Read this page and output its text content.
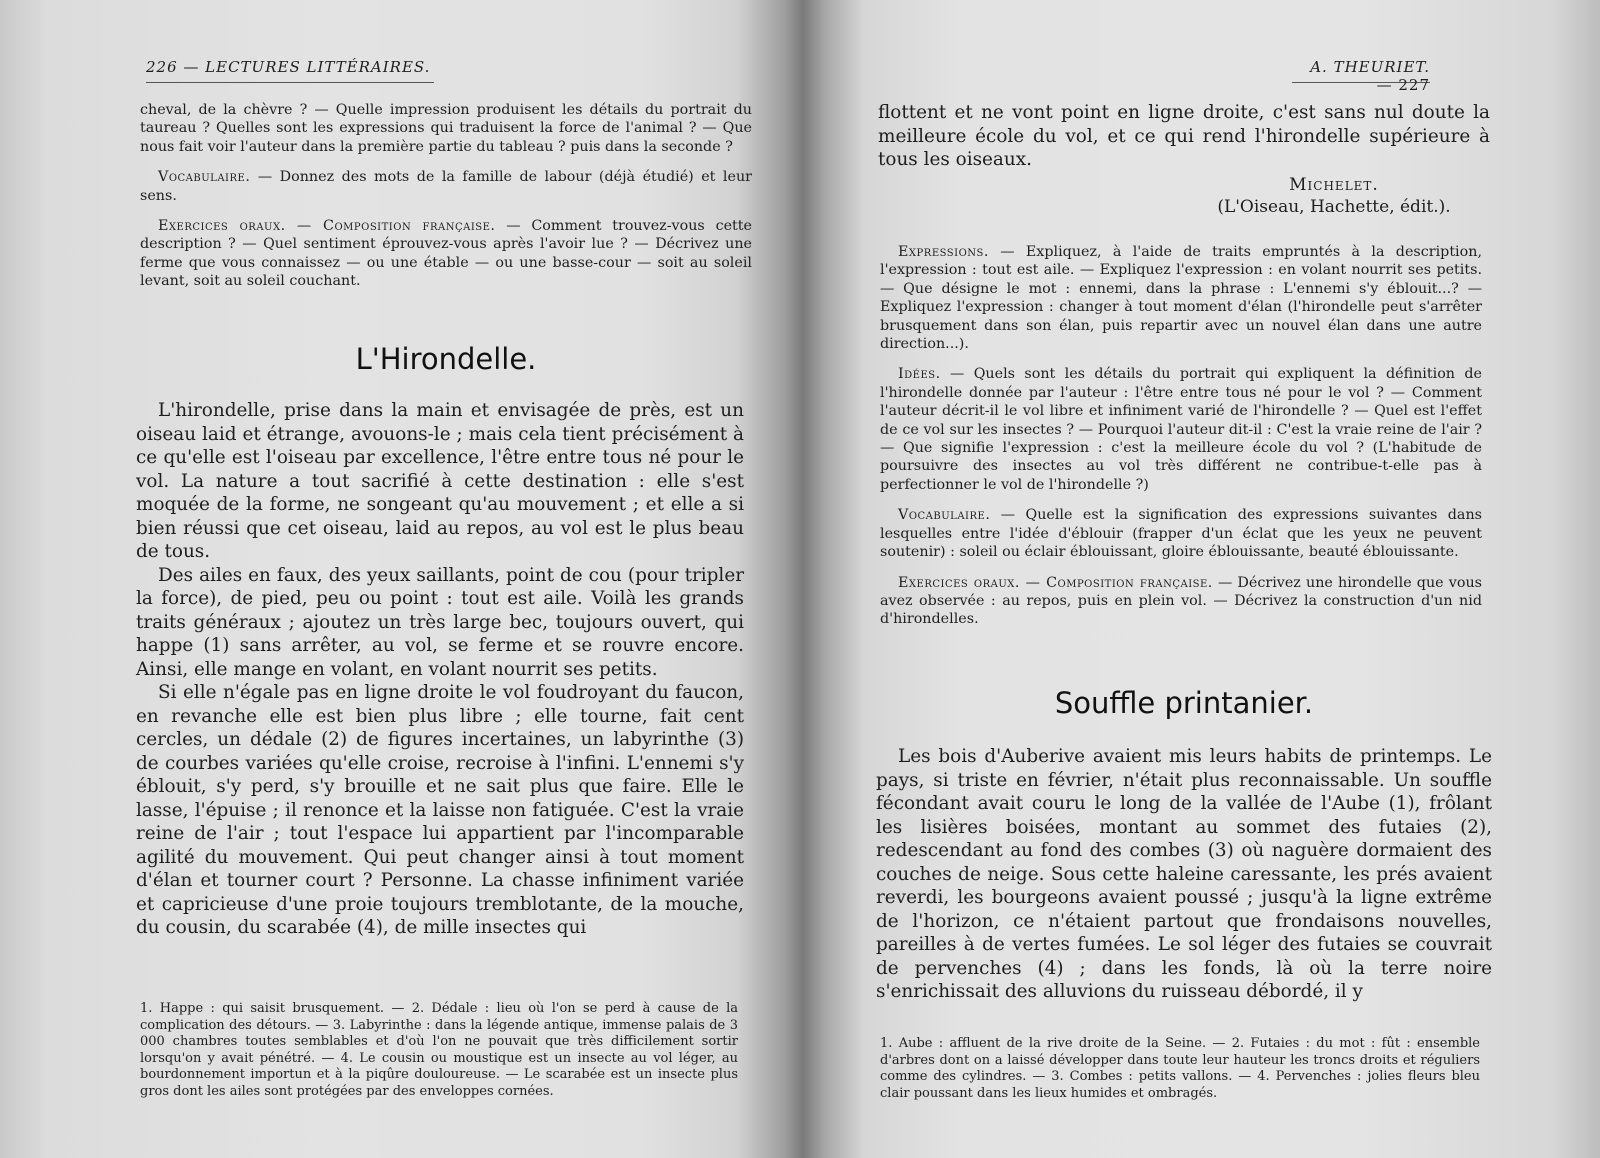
226 — LECTURES LITTÉRAIRES.

cheval, de la chèvre ? — Quelle impression produisent les détails du portrait du taureau ? Quelles sont les expressions qui traduisent la force de l'animal ? — Que nous fait voir l'auteur dans la première partie du tableau ? puis dans la seconde ?

Vocabulaire. — Donnez des mots de la famille de labour (déjà étudié) et leur sens.

Exercices oraux. — Composition française. — Comment trouvez-vous cette description ? — Quel sentiment éprouvez-vous après l'avoir lue ? — Décrivez une ferme que vous connaissez — ou une étable — ou une basse-cour — soit au soleil levant, soit au soleil couchant.

L'Hirondelle.

L'hirondelle, prise dans la main et envisagée de près, est un oiseau laid et étrange, avouons-le ; mais cela tient précisément à ce qu'elle est l'oiseau par excellence, l'être entre tous né pour le vol. La nature a tout sacrifié à cette destination : elle s'est moquée de la forme, ne songeant qu'au mouvement ; et elle a si bien réussi que cet oiseau, laid au repos, au vol est le plus beau de tous.

Des ailes en faux, des yeux saillants, point de cou (pour tripler la force), de pied, peu ou point : tout est aile. Voilà les grands traits généraux ; ajoutez un très large bec, toujours ouvert, qui happe (1) sans arrêter, au vol, se ferme et se rouvre encore. Ainsi, elle mange en volant, en volant nourrit ses petits.

Si elle n'égale pas en ligne droite le vol foudroyant du faucon, en revanche elle est bien plus libre ; elle tourne, fait cent cercles, un dédale (2) de figures incertaines, un labyrinthe (3) de courbes variées qu'elle croise, recroise à l'infini. L'ennemi s'y éblouit, s'y perd, s'y brouille et ne sait plus que faire. Elle le lasse, l'épuise ; il renonce et la laisse non fatiguée. C'est la vraie reine de l'air ; tout l'espace lui appartient par l'incomparable agilité du mouvement. Qui peut changer ainsi à tout moment d'élan et tourner court ? Personne. La chasse infiniment variée et capricieuse d'une proie toujours tremblotante, de la mouche, du cousin, du scarabée (4), de mille insectes qui

1. Happe : qui saisit brusquement. — 2. Dédale : lieu où l'on se perd à cause de la complication des détours. — 3. Labyrinthe : dans la légende antique, immense palais de 3 000 chambres toutes semblables et d'où l'on ne pouvait que très difficilement sortir lorsqu'on y avait pénétré. — 4. Le cousin ou moustique est un insecte au vol léger, au bourdonnement importun et à la piqûre douloureuse. — Le scarabée est un insecte plus gros dont les ailes sont protégées par des enveloppes cornées.
A. THEURIET. — 227

flottent et ne vont point en ligne droite, c'est sans nul doute la meilleure école du vol, et ce qui rend l'hirondelle supérieure à tous les oiseaux.

Michelet.
(L'Oiseau, Hachette, édit.).

Expressions. — Expliquez, à l'aide de traits empruntés à la description, l'expression : tout est aile. — Expliquez l'expression : en volant nourrit ses petits. — Que désigne le mot : ennemi, dans la phrase : L'ennemi s'y éblouit...? — Expliquez l'expression : changer à tout moment d'élan (l'hirondelle peut s'arrêter brusquement dans son élan, puis repartir avec un nouvel élan dans une autre direction...).

Idées. — Quels sont les détails du portrait qui expliquent la définition de l'hirondelle donnée par l'auteur : l'être entre tous né pour le vol ? — Comment l'auteur décrit-il le vol libre et infiniment varié de l'hirondelle ? — Quel est l'effet de ce vol sur les insectes ? — Pourquoi l'auteur dit-il : C'est la vraie reine de l'air ? — Que signifie l'expression : c'est la meilleure école du vol ? (L'habitude de poursuivre des insectes au vol très différent ne contribue-t-elle pas à perfectionner le vol de l'hirondelle ?)

Vocabulaire. — Quelle est la signification des expressions suivantes dans lesquelles entre l'idée d'éblouir (frapper d'un éclat que les yeux ne peuvent soutenir) : soleil ou éclair éblouissant, gloire éblouissante, beauté éblouissante.

Exercices oraux. — Composition française. — Décrivez une hirondelle que vous avez observée : au repos, puis en plein vol. — Décrivez la construction d'un nid d'hirondelles.

Souffle printanier.

Les bois d'Auberive avaient mis leurs habits de printemps. Le pays, si triste en février, n'était plus reconnaissable. Un souffle fécondant avait couru le long de la vallée de l'Aube (1), frôlant les lisières boisées, montant au sommet des futaies (2), redescendant au fond des combes (3) où naguère dormaient des couches de neige. Sous cette haleine caressante, les prés avaient reverdi, les bourgeons avaient poussé ; jusqu'à la ligne extrême de l'horizon, ce n'étaient partout que frondaisons nouvelles, pareilles à de vertes fumées. Le sol léger des futaies se couvrait de pervenches (4) ; dans les fonds, là où la terre noire s'enrichissait des alluvions du ruisseau débordé, il y

1. Aube : affluent de la rive droite de la Seine. — 2. Futaies : du mot : fût : ensemble d'arbres dont on a laissé développer dans toute leur hauteur les troncs droits et réguliers comme des cylindres. — 3. Combes : petits vallons. — 4. Pervenches : jolies fleurs bleu clair poussant dans les lieux humides et ombragés.
